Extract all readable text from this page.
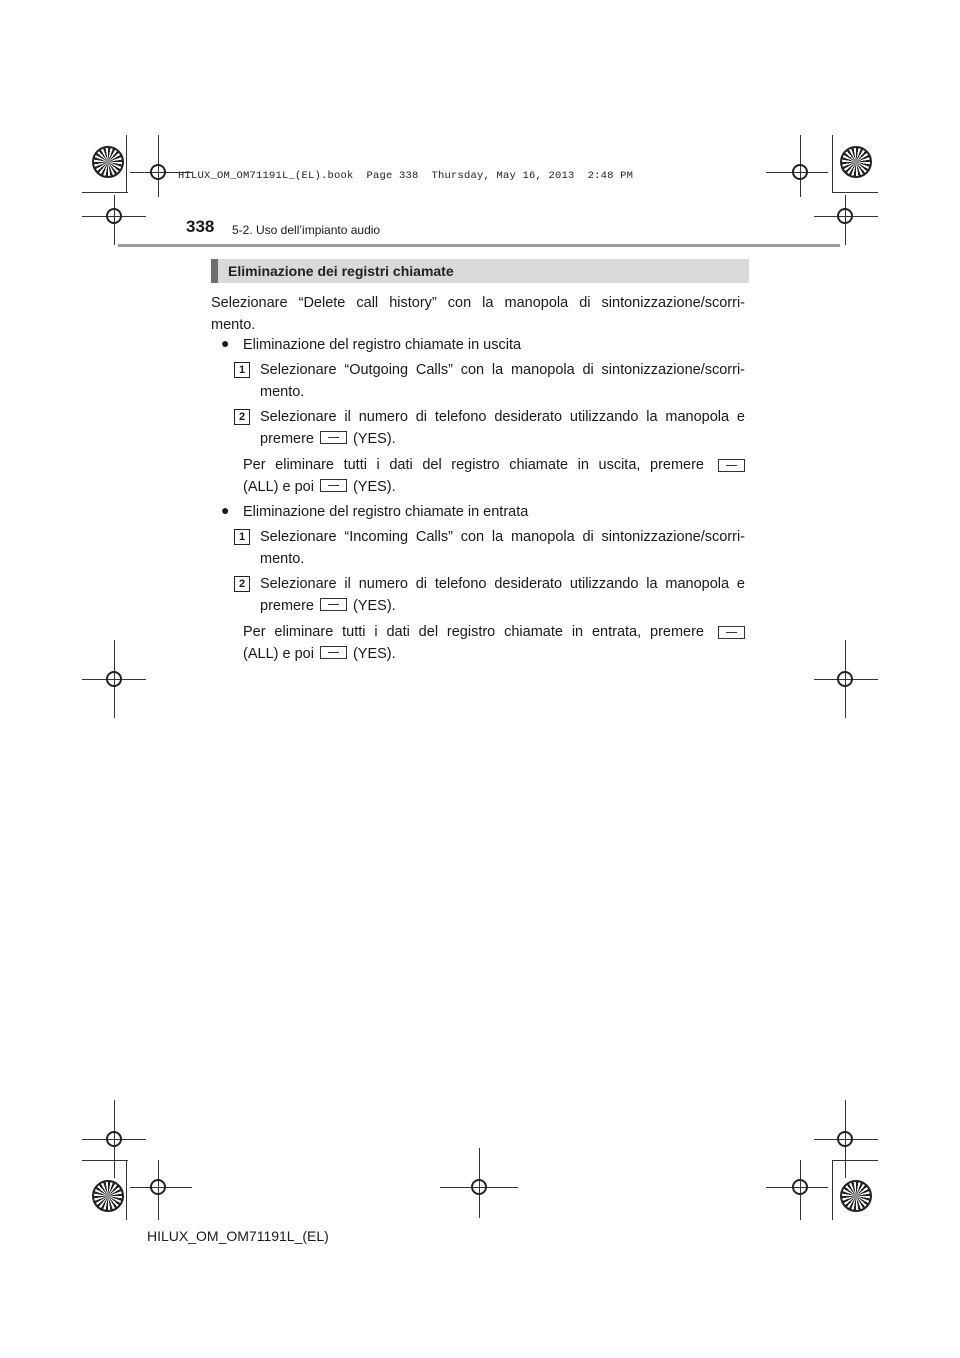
HILUX_OM_OM71191L_(EL).book  Page 338  Thursday, May 16, 2013  2:48 PM
338 5-2. Uso dell’impianto audio
Eliminazione dei registri chiamate
Selezionare “Delete call history” con la manopola di sintonizzazione/scorri-
mento.
● Eliminazione del registro chiamate in uscita
1	Selezionare “Outgoing Calls” con la manopola di sintonizzazione/scorri-
mento.
2	Selezionare il numero di telefono desiderato utilizzando la manopola e
premere	(YES).
Per eliminare tutti i dati del registro chiamate in uscita, premere
(ALL) e poi	(YES).
● Eliminazione del registro chiamate in entrata
1	Selezionare “Incoming Calls” con la manopola di sintonizzazione/scorri-
mento.
2	Selezionare il numero di telefono desiderato utilizzando la manopola e
premere	(YES).
Per eliminare tutti i dati del registro chiamate in entrata, premere
(ALL) e poi	(YES).
HILUX_OM_OM71191L_(EL)
